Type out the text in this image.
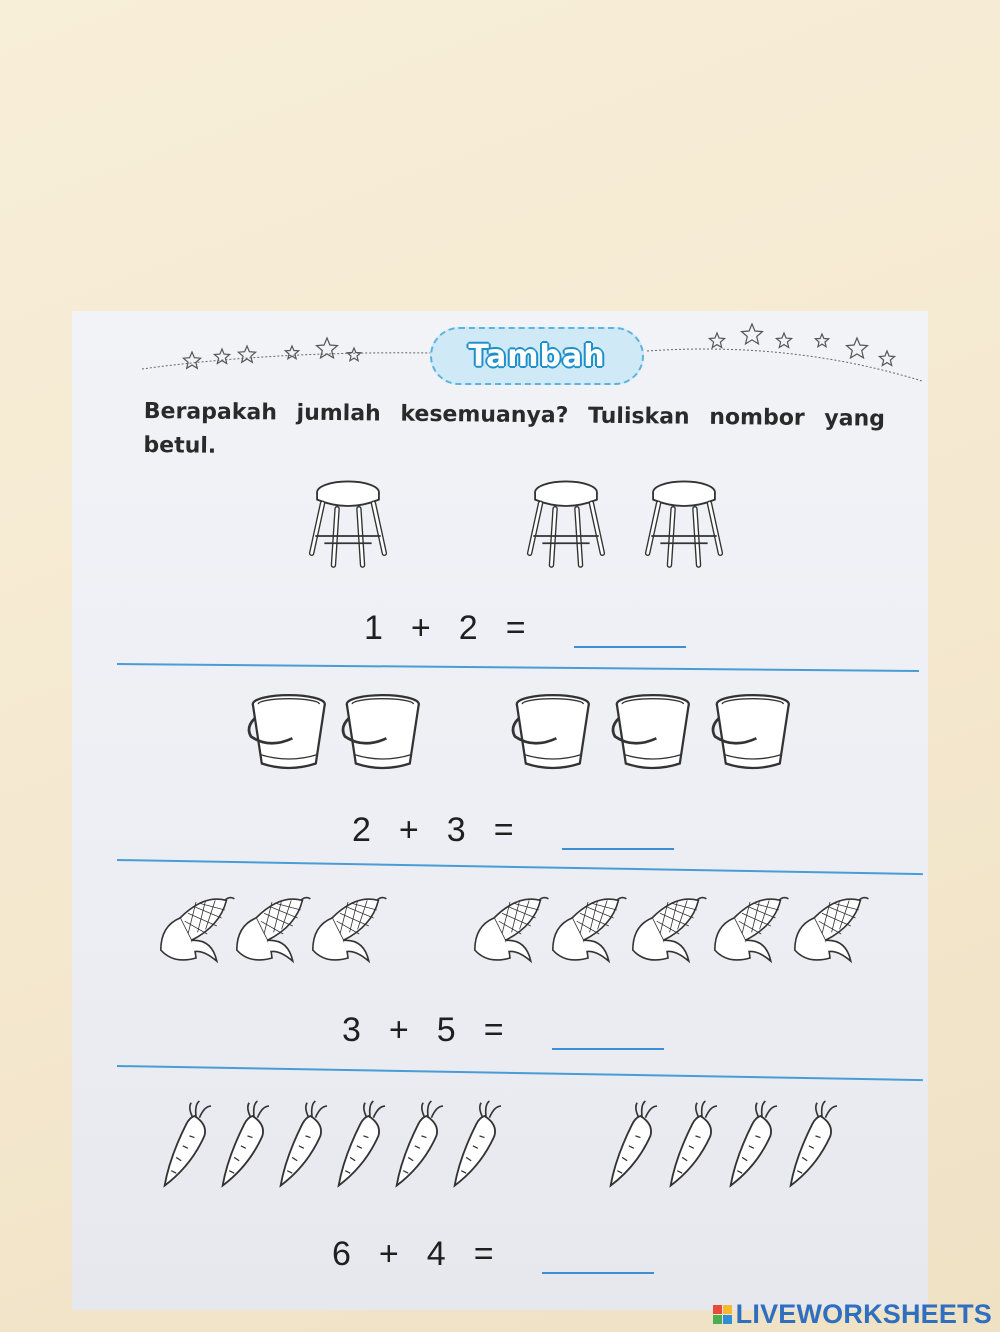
Tambah
Berapakah jumlah kesemuanya? Tuliskan nombor yang betul.
1 + 2 =
2 + 3 =
3 + 5 =
6 + 4 =
LIVEWORKSHEETS
